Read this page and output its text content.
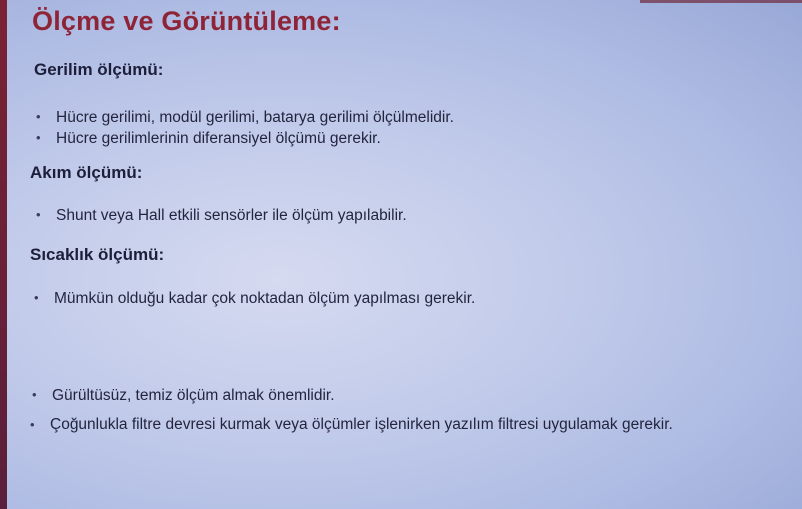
Ölçme ve Görüntüleme:
Gerilim ölçümü:
• Hücre gerilimi, modül gerilimi, batarya gerilimi ölçülmelidir.
• Hücre gerilimlerinin diferansiyel ölçümü gerekir.
Akım ölçümü:
• Shunt veya Hall etkili sensörler ile ölçüm yapılabilir.
Sıcaklık ölçümü:
• Mümkün olduğu kadar çok noktadan ölçüm yapılması gerekir.
• Gürültüsüz, temiz ölçüm almak önemlidir.
• Çoğunlukla filtre devresi kurmak veya ölçümler işlenirken yazılım filtresi uygulamak gerekir.
